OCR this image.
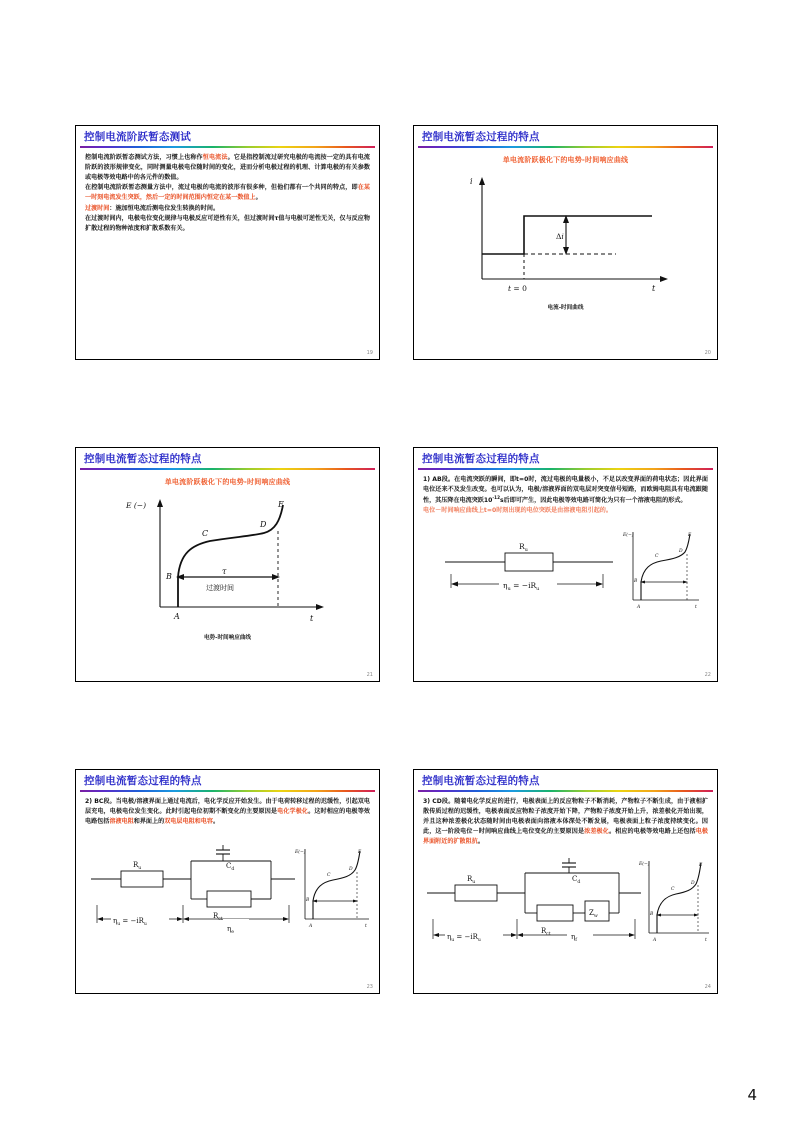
控制电流阶跃暂态测试

控制电流阶跃暂态测试方法，习惯上也称作恒电流法。它是指控制流过研究电极的电流按一定的具有电流阶跃的波形规律变化，同时测量电极电位随时间的变化，进而分析电极过程的机理、计算电极的有关参数或电极等效电路中的各元件的数值。

在控制电流阶跃暂态测量方法中，流过电极的电流的波形有很多种，但他们都有一个共同的特点，即在某一时刻电流发生突跃，然后一定的时间范围内恒定在某一数值上。

过渡时间：施加恒电流后测电位发生转换的时间。

在过渡时间内，电极电位变化规律与电极反应可逆性有关，但过渡时间τ值与电极可逆性无关，仅与反应物扩散过程的物种浓度和扩散系数有关。

19
控制电流暂态过程的特点
单电流阶跃极化下的电势-时间响应曲线
i
t
t = 0
Δi
电流-时间曲线
20
控制电流暂态过程的特点
单电流阶跃极化下的电势-时间响应曲线
E (−)
t
A
B
C
D
E
τ
过渡时间
电势-时间响应曲线
21
控制电流暂态过程的特点

1) AB段。在电流突跃的瞬间，即t=0时，流过电极的电量极小，不足以改变界面的荷电状态；因此界面电位还来不及发生改变。也可以认为，电极/溶液界面的双电层对突变信号短路，而欧姆电阻具有电流跟随性，其压降在电流突跃$10^{-12}s$后即可产生，因此电极等效电路可简化为只有一个溶液电阻的形式。

电位－时间响应曲线上t=0时刻出现的电位突跃是由溶液电阻引起的。

$R_u$
$\eta_u = -iR_u$
E(−)
t
A
B
C
D
E
22
控制电流暂态过程的特点

2) BC段。当电极/溶液界面上通过电流后，电化学反应开始发生。由于电荷转移过程的迟缓性，引起双电层充电，电极电位发生变化。此时引起电位初期不断变化的主要原因是电化学极化。这时相应的电极等效电路包括溶液电阻和界面上的双电层电阻和电容。

$R_u$	$C_d$
$R_{ct}$
$\eta_u = -iR_u$
$\eta_e$
E(−)
t
A
B
C
D
E
23
控制电流暂态过程的特点

3) CD段。随着电化学反应的进行，电极表面上的反应物粒子不断消耗，产物粒子不断生成，由于液相扩散传质过程的迟缓性，电极表面反应物粒子浓度开始下降，产物粒子浓度开始上升，浓差极化开始出现，并且这种浓差极化状态随时间由电极表面向溶液本体深处不断发展，电极表面上粒子浓度持续变化。因此，这一阶段电位－时间响应曲线上电位变化的主要原因是浓差极化。相应的电极等效电路上还包括电极界面附近的扩散阻抗。

$R_u$	$C_d$
$R_{ct}$
$Z_w$
$\eta_u = -iR_u$	$\eta_f$
E(−)
t
A
B
C
D
E
24
4
